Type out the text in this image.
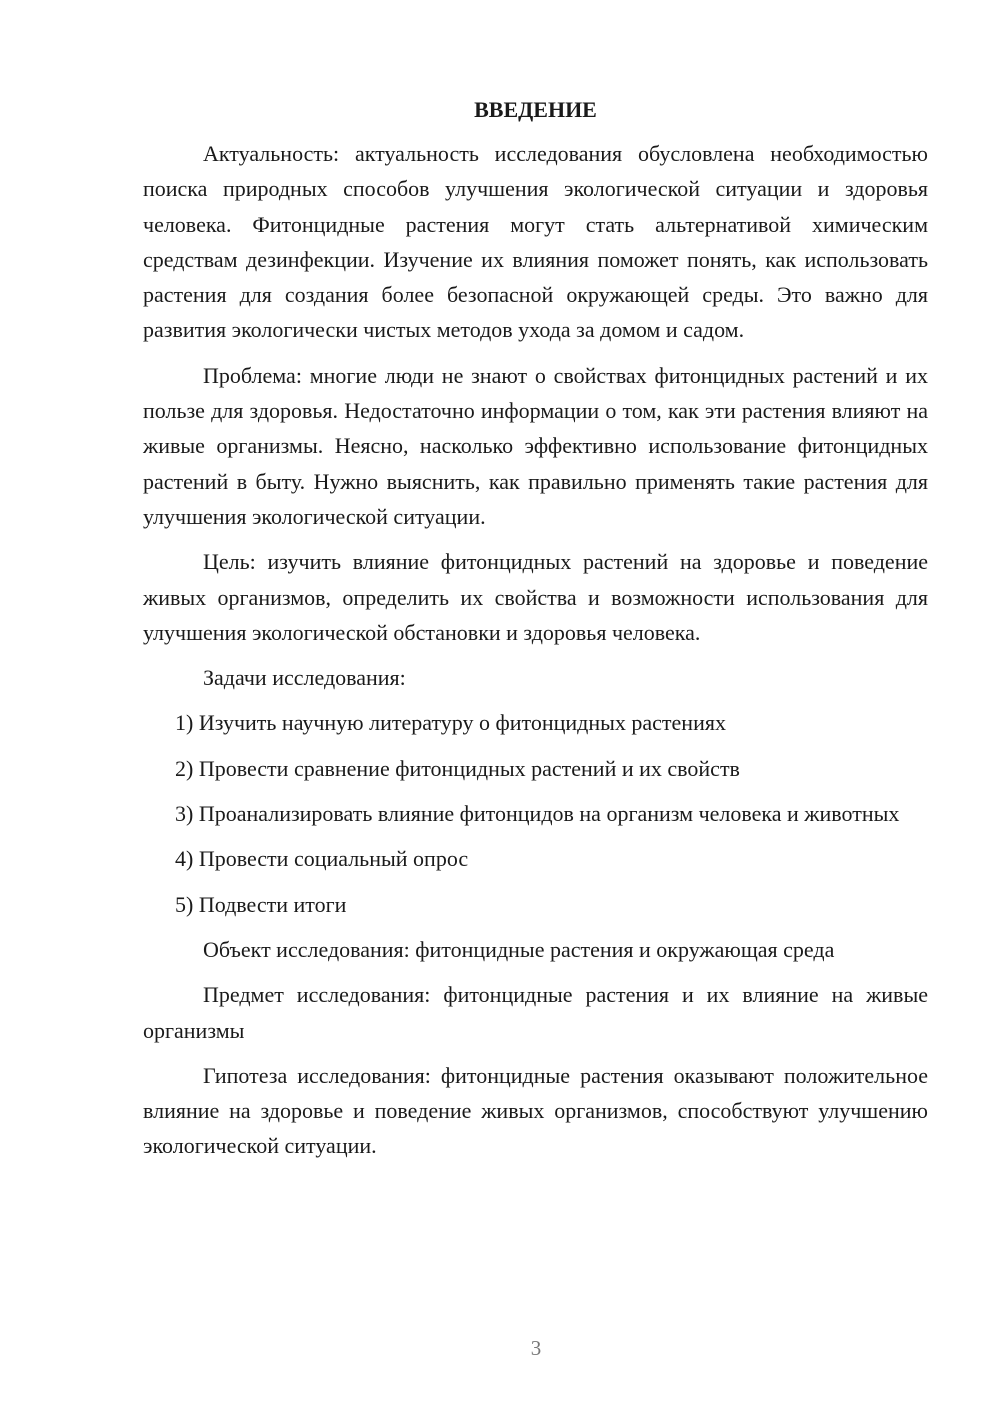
ВВЕДЕНИЕ

Актуальность: актуальность исследования обусловлена необходимостью поиска природных способов улучшения экологической ситуации и здоровья человека. Фитонцидные растения могут стать альтернативой химическим средствам дезинфекции. Изучение их влияния поможет понять, как использовать растения для создания более безопасной окружающей среды. Это важно для развития экологически чистых методов ухода за домом и садом.

Проблема: многие люди не знают о свойствах фитонцидных растений и их пользе для здоровья. Недостаточно информации о том, как эти растения влияют на живые организмы. Неясно, насколько эффективно использование фитонцидных растений в быту. Нужно выяснить, как правильно применять такие растения для улучшения экологической ситуации.

Цель: изучить влияние фитонцидных растений на здоровье и поведение живых организмов, определить их свойства и возможности использования для улучшения экологической обстановки и здоровья человека.

Задачи исследования:

1) Изучить научную литературу о фитонцидных растениях

2) Провести сравнение фитонцидных растений и их свойств

3) Проанализировать влияние фитонцидов на организм человека и животных

4) Провести социальный опрос

5) Подвести итоги

Объект исследования: фитонцидные растения и окружающая среда

Предмет исследования: фитонцидные растения и их влияние на живые организмы

Гипотеза исследования: фитонцидные растения оказывают положительное влияние на здоровье и поведение живых организмов, способствуют улучшению экологической ситуации.

3
